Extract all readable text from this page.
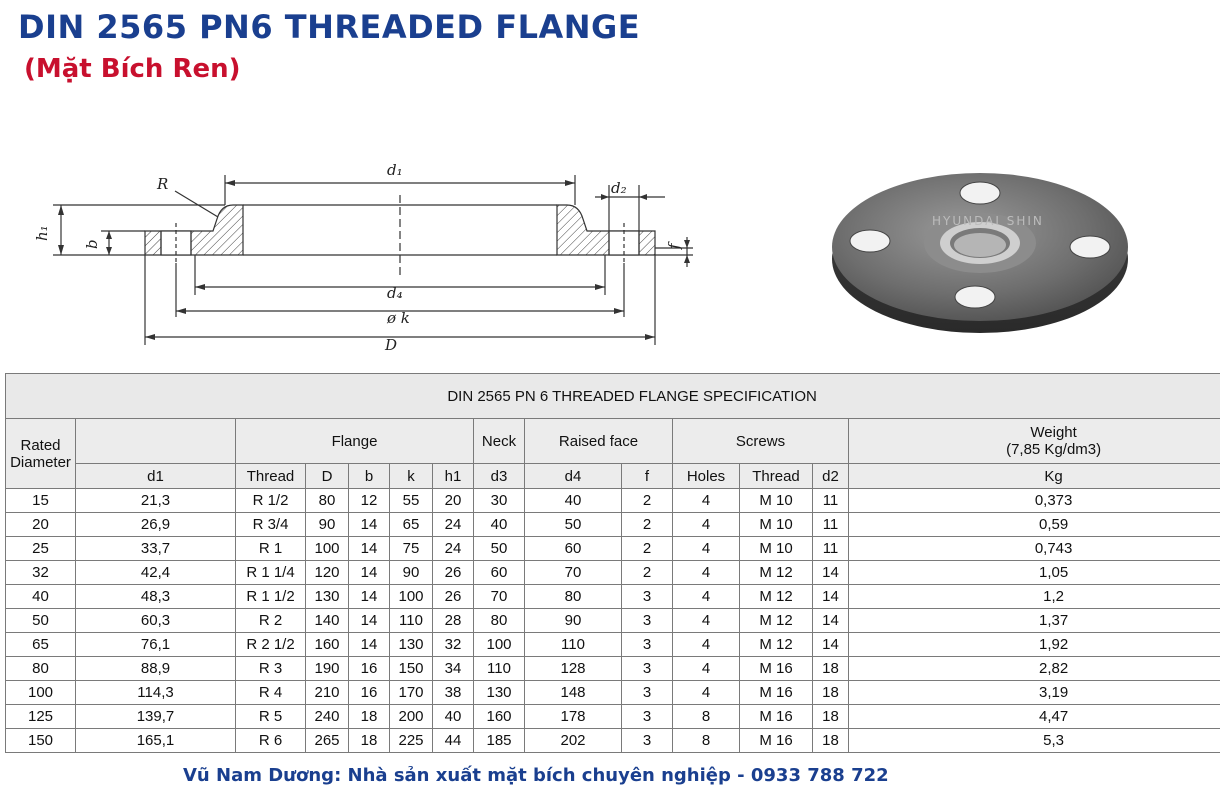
DIN 2565 PN6 THREADED FLANGE
(Mặt Bích Ren)
d₁
d₂
d₄
ø k
D
R
h₁
b	f
HYUNDAI SHIN
DIN 2565 PN 6 THREADED FLANGE SPECIFICATION													
Rated Diameter		Flange					Neck	Raised face		Screws			Weight
(7,85 Kg/dm3)
	d1	Thread	D	b	k	h1	d3	d4	f	Holes	Thread	d2	Kg
15	21,3	R 1/2	80	12	55	20	30	40	2	4	M 10	11	0,373
20	26,9	R 3/4	90	14	65	24	40	50	2	4	M 10	11	0,59
25	33,7	R 1	100	14	75	24	50	60	2	4	M 10	11	0,743
32	42,4	R 1 1/4	120	14	90	26	60	70	2	4	M 12	14	1,05
40	48,3	R 1 1/2	130	14	100	26	70	80	3	4	M 12	14	1,2
50	60,3	R 2	140	14	110	28	80	90	3	4	M 12	14	1,37
65	76,1	R 2 1/2	160	14	130	32	100	110	3	4	M 12	14	1,92
80	88,9	R 3	190	16	150	34	110	128	3	4	M 16	18	2,82
100	114,3	R 4	210	16	170	38	130	148	3	4	M 16	18	3,19
125	139,7	R 5	240	18	200	40	160	178	3	8	M 16	18	4,47
150	165,1	R 6	265	18	225	44	185	202	3	8	M 16	18	5,3

Vũ Nam Dương: Nhà sản xuất mặt bích chuyên nghiệp - 0933 788 722
